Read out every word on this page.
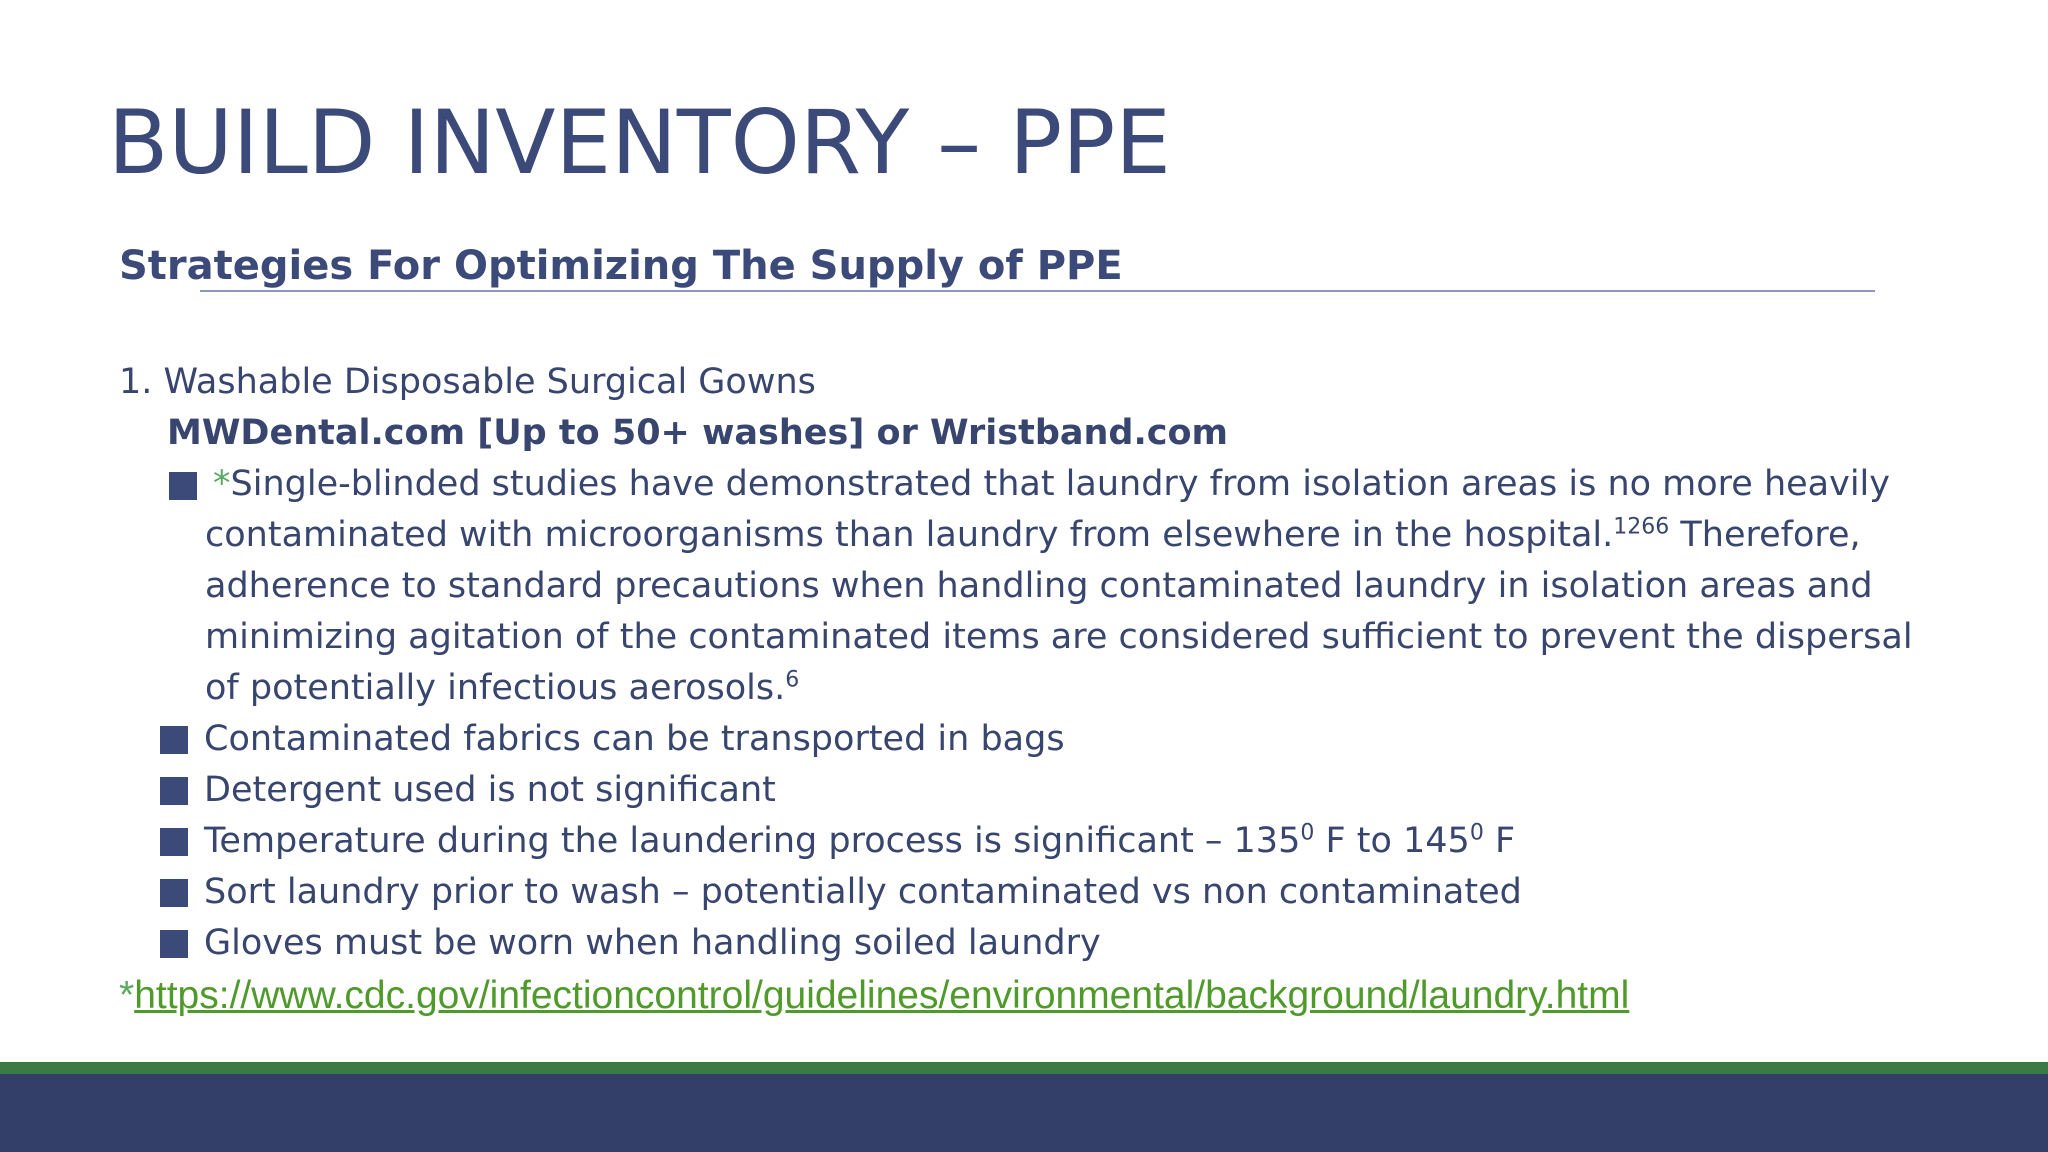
BUILD INVENTORY – PPE
Strategies For Optimizing The Supply of PPE
1. Washable Disposable Surgical Gowns
MWDental.com [Up to 50+ washes] or Wristband.com
*Single-blinded studies have demonstrated that laundry from isolation areas is no more heavily
contaminated with microorganisms than laundry from elsewhere in the hospital.$^{1266}$ Therefore,
adherence to standard precautions when handling contaminated laundry in isolation areas and
minimizing agitation of the contaminated items are considered sufficient to prevent the dispersal
of potentially infectious aerosols.$^6$
Contaminated fabrics can be transported in bags
Detergent used is not significant
Temperature during the laundering process is significant – $135^0$ F to $145^0$ F
Sort laundry prior to wash – potentially contaminated vs non contaminated
Gloves must be worn when handling soiled laundry
*https://www.cdc.gov/infectioncontrol/guidelines/environmental/background/laundry.html
